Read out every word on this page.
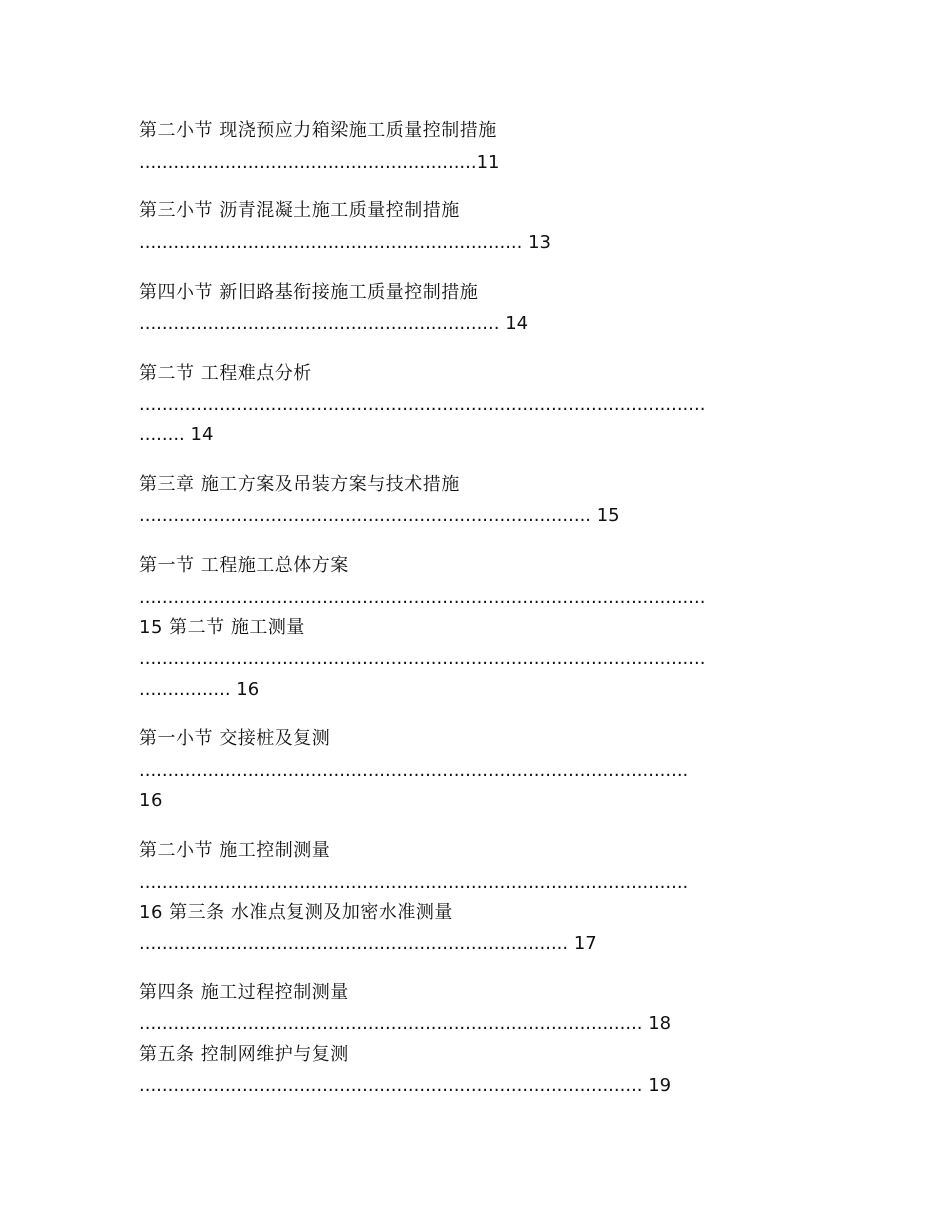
第二小节 现浇预应力箱梁施工质量控制措施
...........................................................11
第三小节 沥青混凝土施工质量控制措施
................................................................... 13
第四小节 新旧路基衔接施工质量控制措施
............................................................... 14
第二节 工程难点分析
...................................................................................................
........ 14
第三章 施工方案及吊装方案与技术措施
............................................................................... 15
第一节 工程施工总体方案
...................................................................................................
15 第二节 施工测量
...................................................................................................
................ 16
第一小节 交接桩及复测
................................................................................................
16
第二小节 施工控制测量
................................................................................................
16 第三条 水准点复测及加密水准测量
........................................................................... 17
第四条 施工过程控制测量
........................................................................................ 18
第五条 控制网维护与复测
........................................................................................ 19
